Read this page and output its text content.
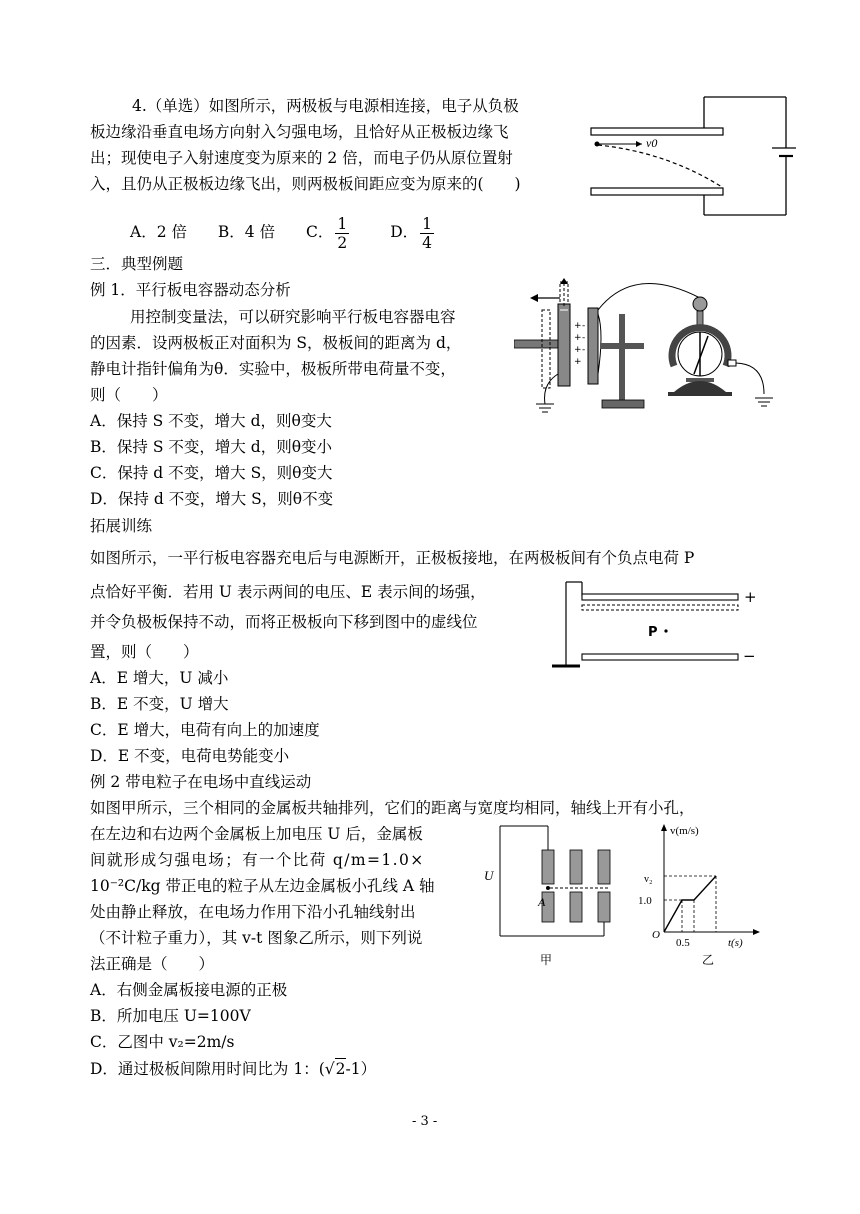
4.（单选）如图所示，两极板与电源相连接，电子从负极
板边缘沿垂直电场方向射入匀强电场，且恰好从正极板边缘飞
出；现使电子入射速度变为原来的 2 倍，而电子仍从原位置射
入，且仍从正极板边缘飞出，则两极板间距应变为原来的(　　)
A．2 倍 B．4 倍 C． $\frac{1}{2}$	D． $\frac{1}{4}$
v0
三．典型例题
例 1．平行板电容器动态分析
用控制变量法，可以研究影响平行板电容器电容
的因素．设两极板正对面积为 S，极板间的距离为 d，
静电计指针偏角为θ．实验中，极板所带电荷量不变，
则（　　）
A．保持 S 不变，增大 d，则θ变大
B．保持 S 不变，增大 d，则θ变小
C．保持 d 不变，增大 S，则θ变大
D．保持 d 不变，增大 S，则θ不变
+
+
+
+
-
-
-
拓展训练
如图所示，一平行板电容器充电后与电源断开，正极板接地，在两极板间有个负点电荷 P
点恰好平衡．若用 U 表示两间的电压、E 表示间的场强，
并令负极板保持不动，而将正极板向下移到图中的虚线位
置，则（　　）
A．E 增大，U 减小
B．E 不变，U 增大
C．E 增大，电荷有向上的加速度
D．E 不变，电荷电势能变小
+
−
P
例 2 带电粒子在电场中直线运动
如图甲所示，三个相同的金属板共轴排列，它们的距离与宽度均相同，轴线上开有小孔，
在左边和右边两个金属板上加电压 U 后，金属板
间就形成匀强电场；有一个比荷 q/m=1.0×
10⁻²C/kg 带正电的粒子从左边金属板小孔线 A 轴
处由静止释放，在电场力作用下沿小孔轴线射出
（不计粒子重力），其 v-t 图象乙所示，则下列说
法正确是（　　）
A．右侧金属板接电源的正极
B．所加电压 U=100V
C．乙图中 v₂=2m/s
D．通过极板间隙用时间比为 1：(√2-1）
U
A
甲
v(m/s)
v₂
1.0
O
0.5	t(s)
乙
- 3 -
